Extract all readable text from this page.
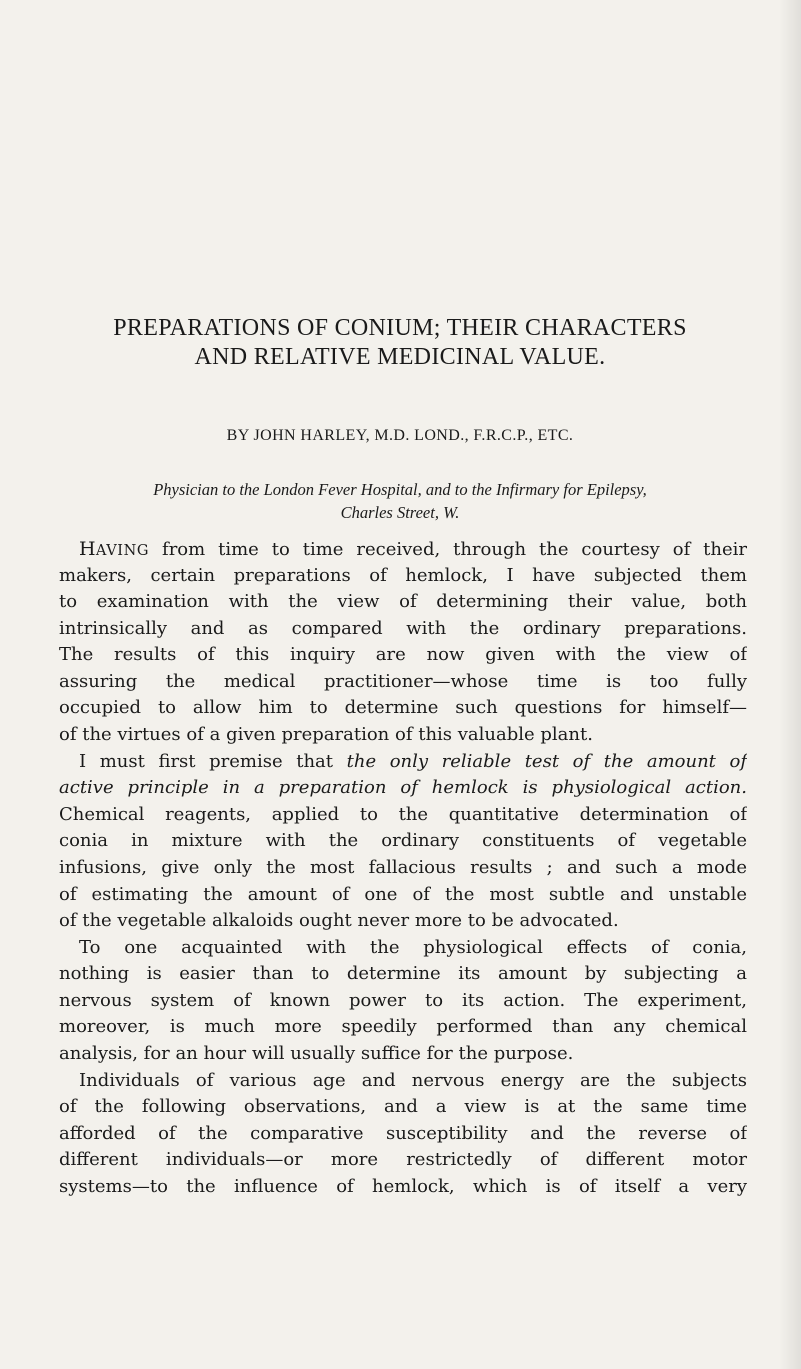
PREPARATIONS OF CONIUM; THEIR CHARACTERS
AND RELATIVE MEDICINAL VALUE.
BY JOHN HARLEY, M.D. LOND., F.R.C.P., ETC.
Physician to the London Fever Hospital, and to the Infirmary for Epilepsy,
Charles Street, W.
HAVING from time to time received, through the courtesy of their
makers, certain preparations of hemlock, I have subjected them
to examination with the view of determining their value, both
intrinsically and as compared with the ordinary preparations.
The results of this inquiry are now given with the view of
assuring the medical practitioner—whose time is too fully
occupied to allow him to determine such questions for himself—
of the virtues of a given preparation of this valuable plant.
I must first premise that the only reliable test of the amount of
active principle in a preparation of hemlock is physiological action.
Chemical reagents, applied to the quantitative determination of
conia in mixture with the ordinary constituents of vegetable
infusions, give only the most fallacious results ; and such a mode
of estimating the amount of one of the most subtle and unstable
of the vegetable alkaloids ought never more to be advocated.
To one acquainted with the physiological effects of conia,
nothing is easier than to determine its amount by subjecting a
nervous system of known power to its action. The experiment,
moreover, is much more speedily performed than any chemical
analysis, for an hour will usually suffice for the purpose.
Individuals of various age and nervous energy are the subjects
of the following observations, and a view is at the same time
afforded of the comparative susceptibility and the reverse of
different individuals—or more restrictedly of different motor
systems—to the influence of hemlock, which is of itself a very
